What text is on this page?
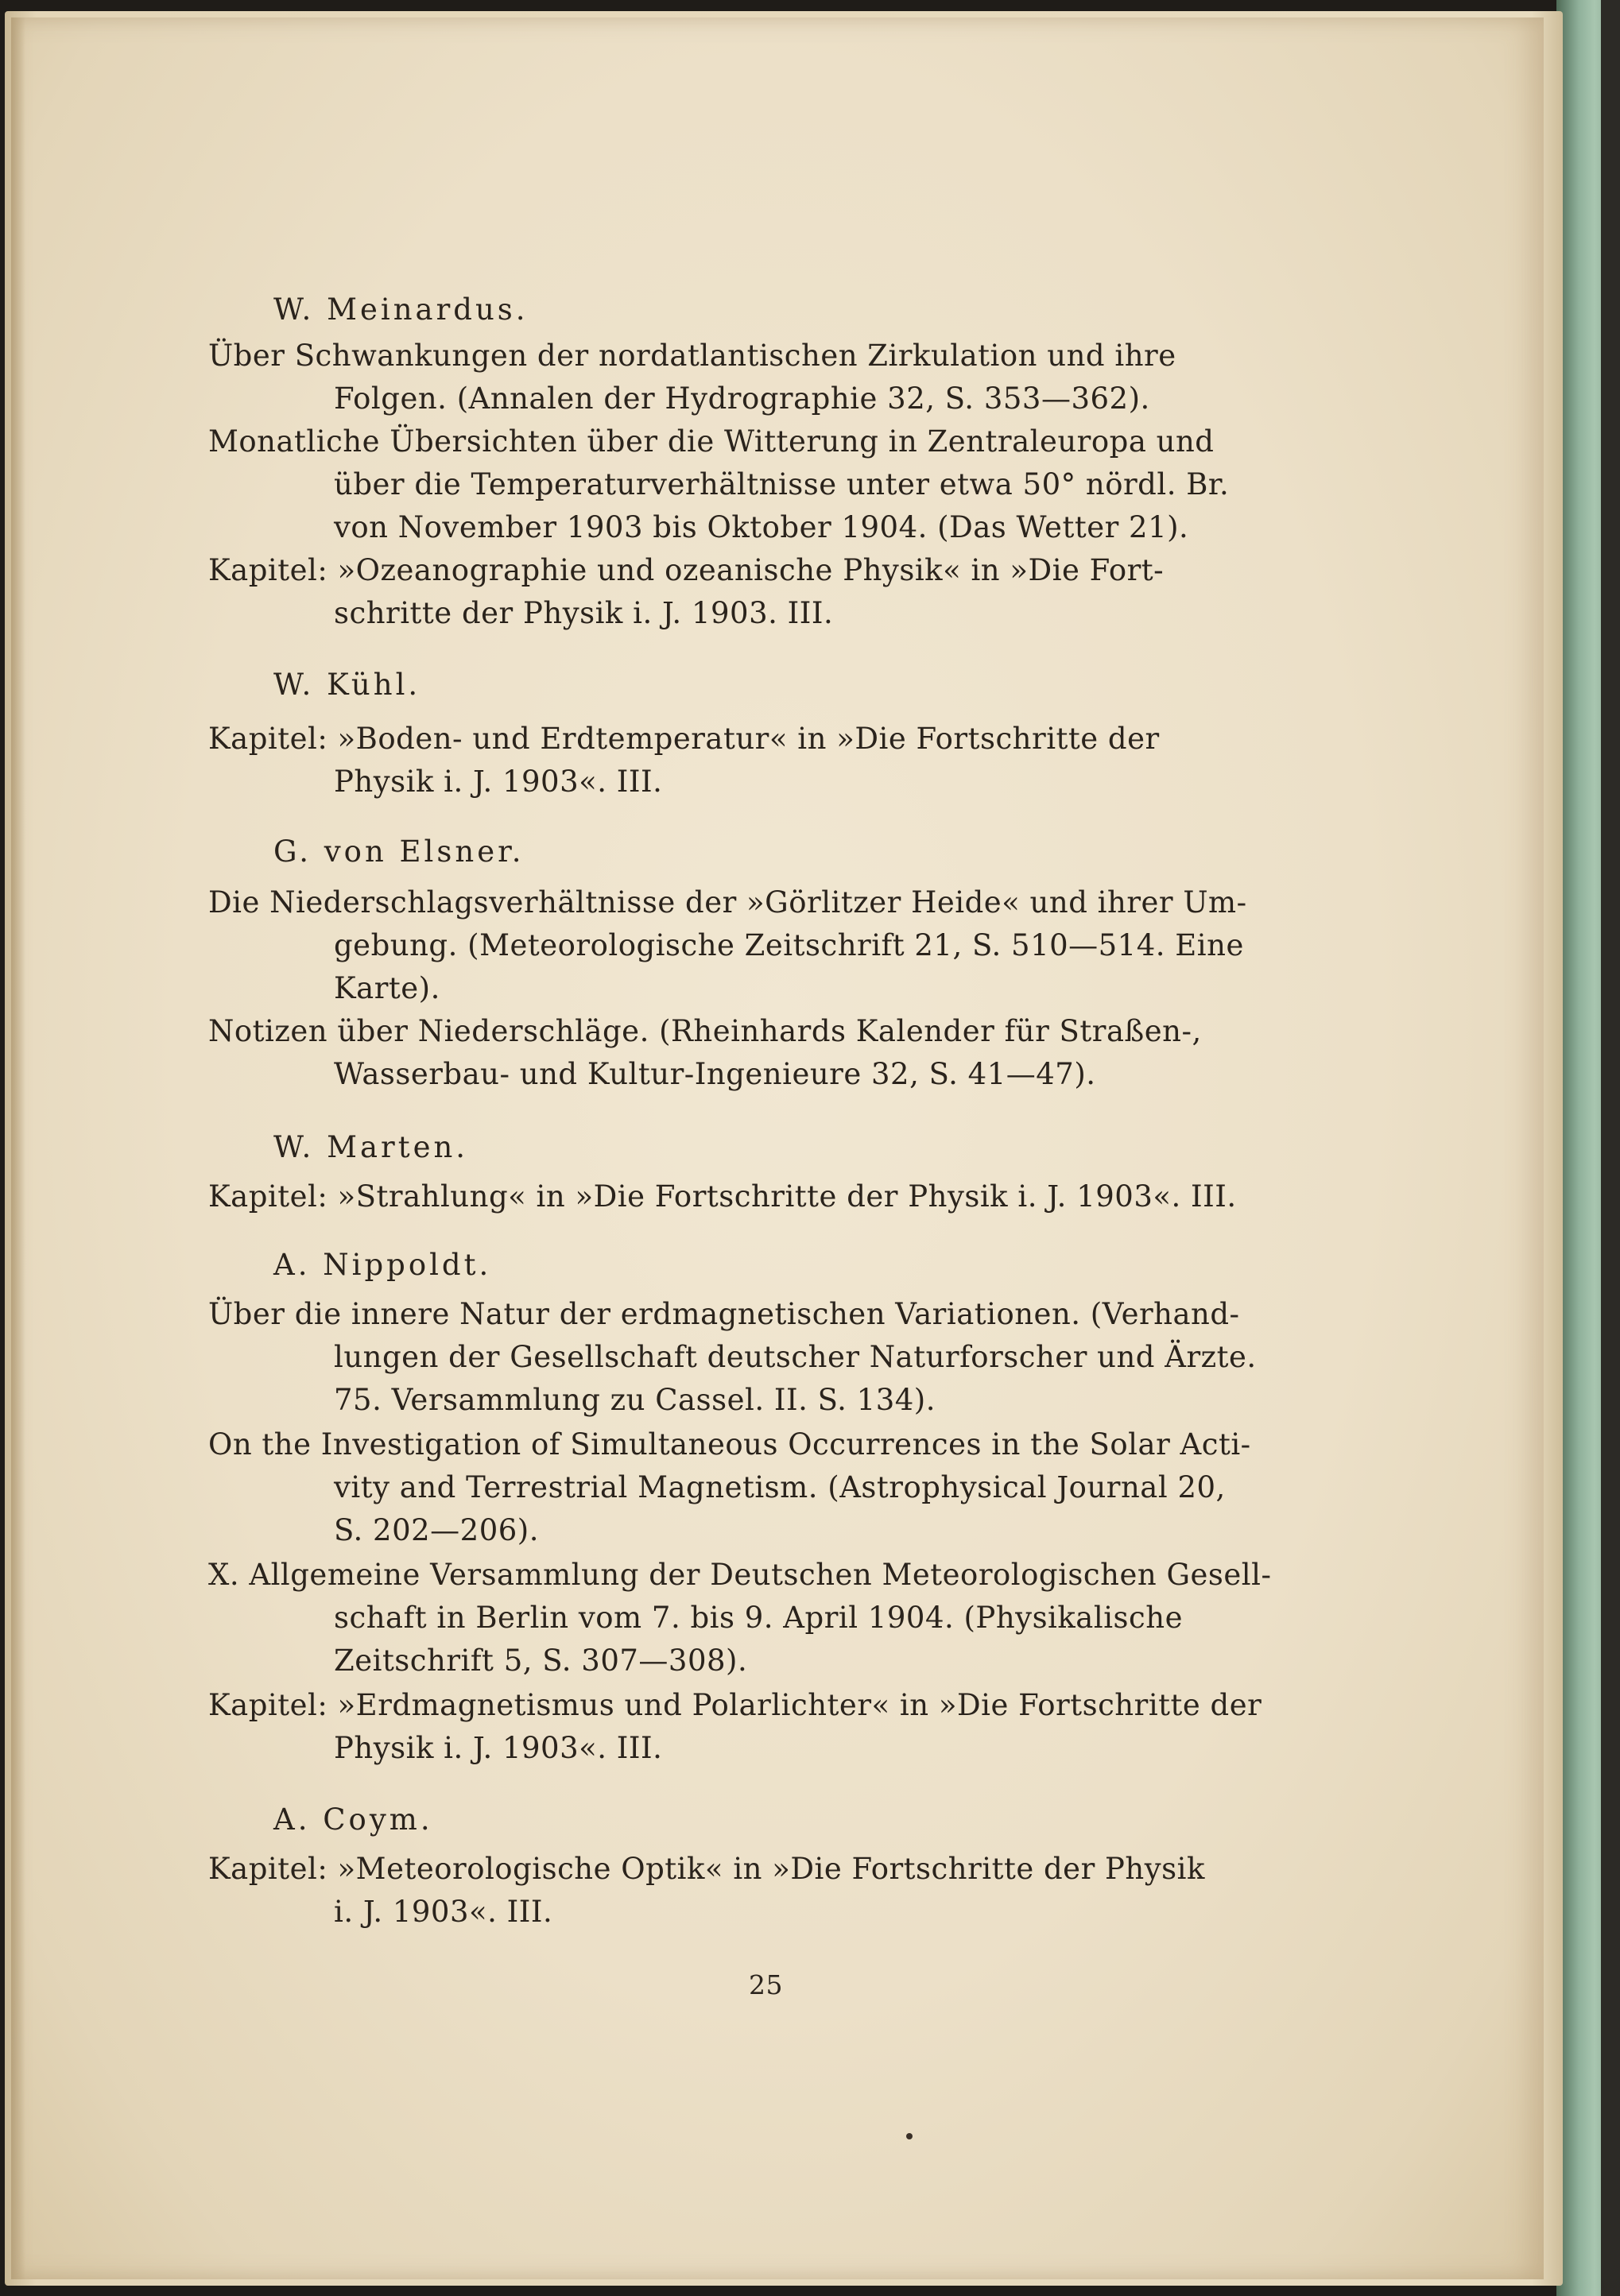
W. Meinardus.
Über Schwankungen der nordatlantischen Zirkulation und ihre
Folgen. (Annalen der Hydrographie 32, S. 353—362).
Monatliche Übersichten über die Witterung in Zentraleuropa und
über die Temperaturverhältnisse unter etwa 50° nördl. Br.
von November 1903 bis Oktober 1904. (Das Wetter 21).
Kapitel: »Ozeanographie und ozeanische Physik« in »Die Fort-
schritte der Physik i. J. 1903. III.
W. Kühl.
Kapitel: »Boden- und Erdtemperatur« in »Die Fortschritte der
Physik i. J. 1903«. III.
G. von Elsner.
Die Niederschlagsverhältnisse der »Görlitzer Heide« und ihrer Um-
gebung. (Meteorologische Zeitschrift 21, S. 510—514. Eine
Karte).
Notizen über Niederschläge. (Rheinhards Kalender für Straßen-,
Wasserbau- und Kultur-Ingenieure 32, S. 41—47).
W. Marten.
Kapitel: »Strahlung« in »Die Fortschritte der Physik i. J. 1903«. III.
A. Nippoldt.
Über die innere Natur der erdmagnetischen Variationen. (Verhand-
lungen der Gesellschaft deutscher Naturforscher und Ärzte.
75. Versammlung zu Cassel. II. S. 134).
On the Investigation of Simultaneous Occurrences in the Solar Acti-
vity and Terrestrial Magnetism. (Astrophysical Journal 20,
S. 202—206).
X. Allgemeine Versammlung der Deutschen Meteorologischen Gesell-
schaft in Berlin vom 7. bis 9. April 1904. (Physikalische
Zeitschrift 5, S. 307—308).
Kapitel: »Erdmagnetismus und Polarlichter« in »Die Fortschritte der
Physik i. J. 1903«. III.
A. Coym.
Kapitel: »Meteorologische Optik« in »Die Fortschritte der Physik
i. J. 1903«. III.
25
